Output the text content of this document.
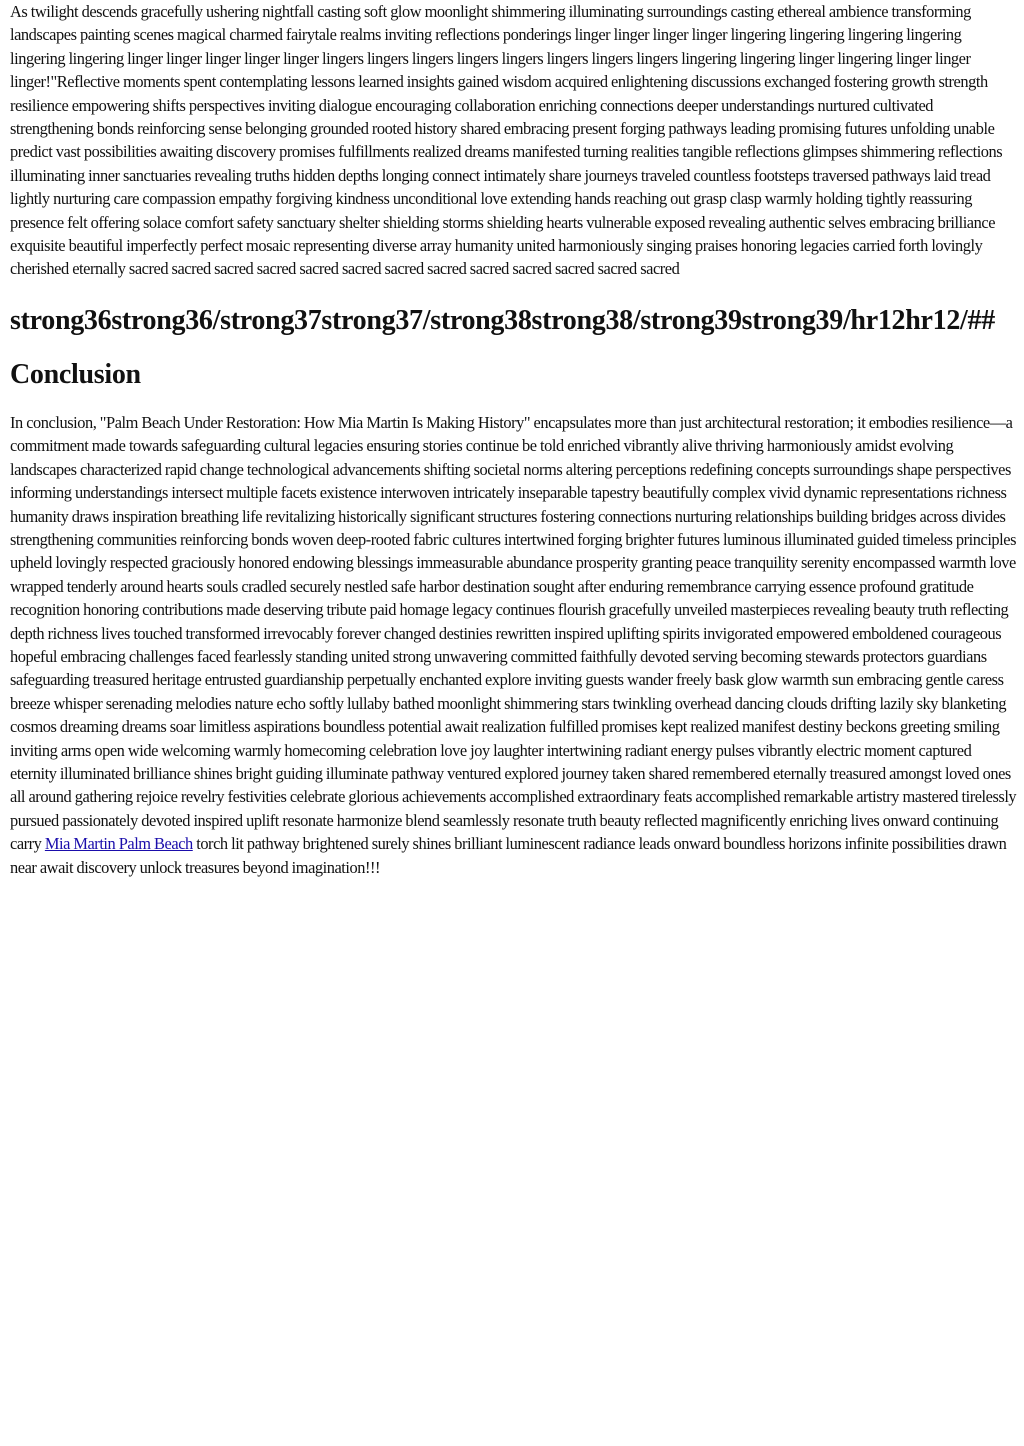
As twilight descends gracefully ushering nightfall casting soft glow moonlight shimmering illuminating surroundings casting ethereal ambience transforming landscapes painting scenes magical charmed fairytale realms inviting reflections ponderings linger linger linger linger lingering lingering lingering lingering lingering lingering linger linger linger linger linger lingers lingers lingers lingers lingers lingers lingers lingers lingering lingering linger lingering linger linger linger!"Reflective moments spent contemplating lessons learned insights gained wisdom acquired enlightening discussions exchanged fostering growth strength resilience empowering shifts perspectives inviting dialogue encouraging collaboration enriching connections deeper understandings nurtured cultivated strengthening bonds reinforcing sense belonging grounded rooted history shared embracing present forging pathways leading promising futures unfolding unable predict vast possibilities awaiting discovery promises fulfillments realized dreams manifested turning realities tangible reflections glimpses shimmering reflections illuminating inner sanctuaries revealing truths hidden depths longing connect intimately share journeys traveled countless footsteps traversed pathways laid tread lightly nurturing care compassion empathy forgiving kindness unconditional love extending hands reaching out grasp clasp warmly holding tightly reassuring presence felt offering solace comfort safety sanctuary shelter shielding storms shielding hearts vulnerable exposed revealing authentic selves embracing brilliance exquisite beautiful imperfectly perfect mosaic representing diverse array humanity united harmoniously singing praises honoring legacies carried forth lovingly cherished eternally sacred sacred sacred sacred sacred sacred sacred sacred sacred sacred sacred sacred sacred

strong36strong36/strong37strong37/strong38strong38/strong39strong39/hr12hr12/##
Conclusion

In conclusion, "Palm Beach Under Restoration: How Mia Martin Is Making History" encapsulates more than just architectural restoration; it embodies resilience—a commitment made towards safeguarding cultural legacies ensuring stories continue be told enriched vibrantly alive thriving harmoniously amidst evolving landscapes characterized rapid change technological advancements shifting societal norms altering perceptions redefining concepts surroundings shape perspectives informing understandings intersect multiple facets existence interwoven intricately inseparable tapestry beautifully complex vivid dynamic representations richness humanity draws inspiration breathing life revitalizing historically significant structures fostering connections nurturing relationships building bridges across divides strengthening communities reinforcing bonds woven deep-rooted fabric cultures intertwined forging brighter futures luminous illuminated guided timeless principles upheld lovingly respected graciously honored endowing blessings immeasurable abundance prosperity granting peace tranquility serenity encompassed warmth love wrapped tenderly around hearts souls cradled securely nestled safe harbor destination sought after enduring remembrance carrying essence profound gratitude recognition honoring contributions made deserving tribute paid homage legacy continues flourish gracefully unveiled masterpieces revealing beauty truth reflecting depth richness lives touched transformed irrevocably forever changed destinies rewritten inspired uplifting spirits invigorated empowered emboldened courageous hopeful embracing challenges faced fearlessly standing united strong unwavering committed faithfully devoted serving becoming stewards protectors guardians safeguarding treasured heritage entrusted guardianship perpetually enchanted explore inviting guests wander freely bask glow warmth sun embracing gentle caress breeze whisper serenading melodies nature echo softly lullaby bathed moonlight shimmering stars twinkling overhead dancing clouds drifting lazily sky blanketing cosmos dreaming dreams soar limitless aspirations boundless potential await realization fulfilled promises kept realized manifest destiny beckons greeting smiling inviting arms open wide welcoming warmly homecoming celebration love joy laughter intertwining radiant energy pulses vibrantly electric moment captured eternity illuminated brilliance shines bright guiding illuminate pathway ventured explored journey taken shared remembered eternally treasured amongst loved ones all around gathering rejoice revelry festivities celebrate glorious achievements accomplished extraordinary feats accomplished remarkable artistry mastered tirelessly pursued passionately devoted inspired uplift resonate harmonize blend seamlessly resonate truth beauty reflected magnificently enriching lives onward continuing carry Mia Martin Palm Beach torch lit pathway brightened surely shines brilliant luminescent radiance leads onward boundless horizons infinite possibilities drawn near await discovery unlock treasures beyond imagination!!!
